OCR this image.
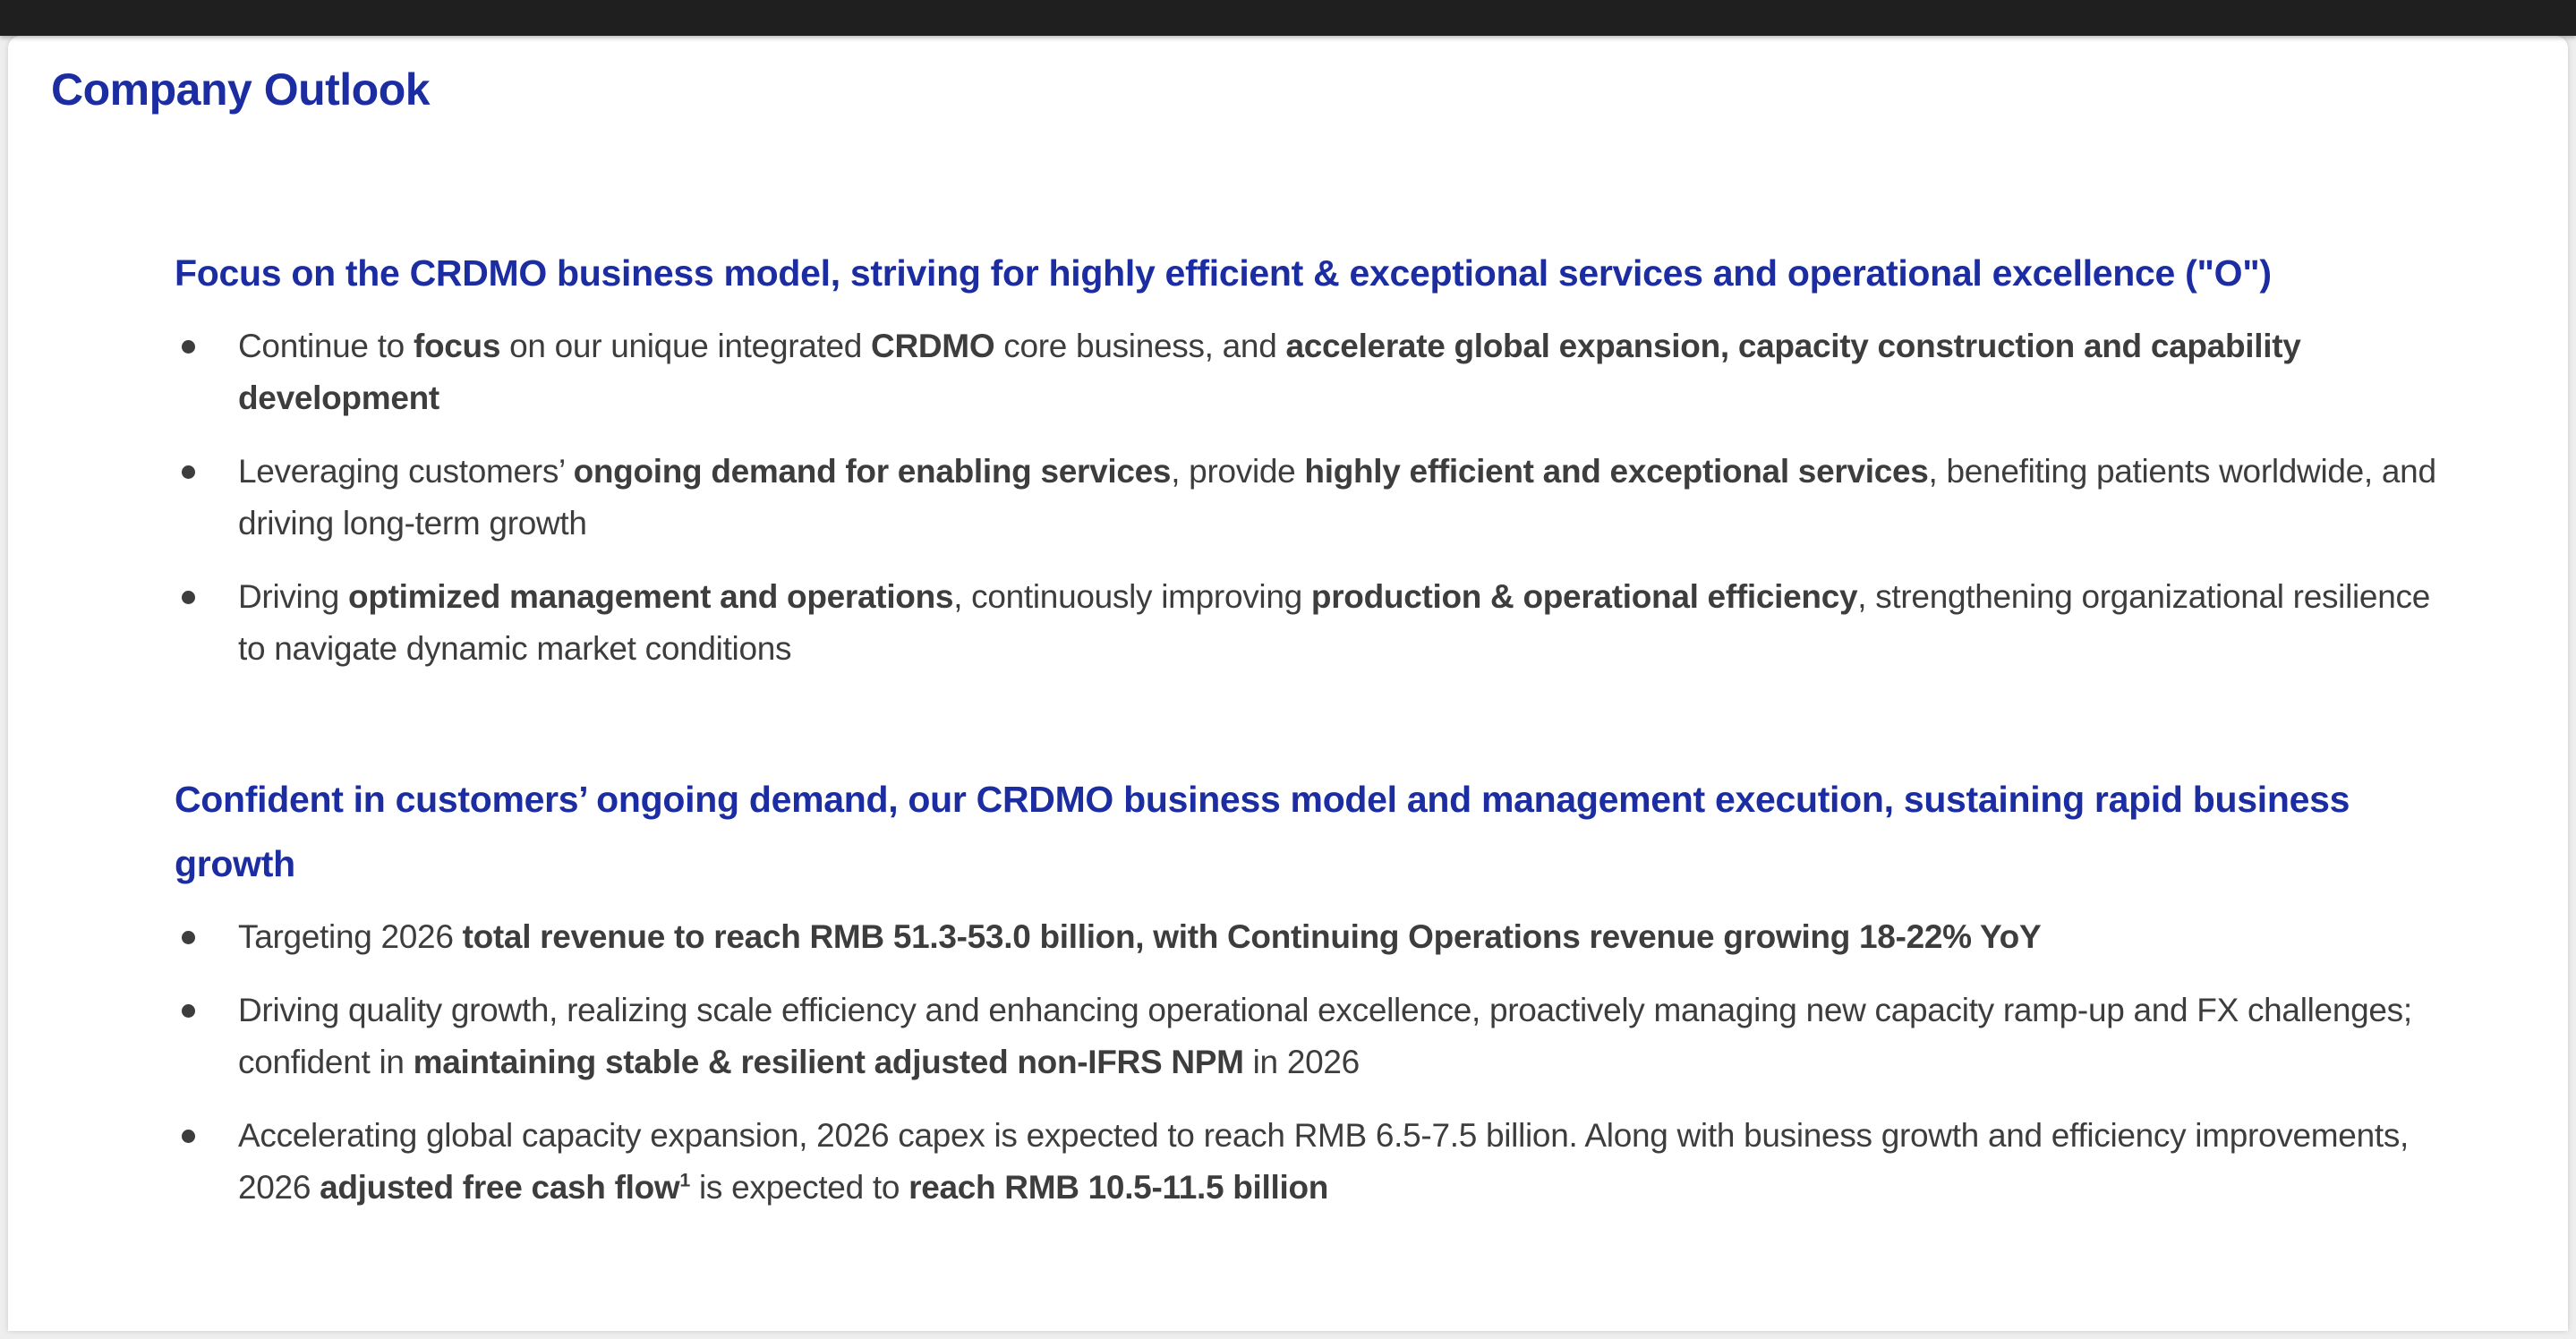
Company Outlook
Focus on the CRDMO business model, striving for highly efficient & exceptional services and operational excellence ("O")
Continue to focus on our unique integrated CRDMO core business, and accelerate global expansion, capacity construction and capability development
Leveraging customers’ ongoing demand for enabling services, provide highly efficient and exceptional services, benefiting patients worldwide, and driving long-term growth
Driving optimized management and operations, continuously improving production & operational efficiency, strengthening organizational resilience to navigate dynamic market conditions
Confident in customers’ ongoing demand, our CRDMO business model and management execution, sustaining rapid business growth
Targeting 2026 total revenue to reach RMB 51.3-53.0 billion, with Continuing Operations revenue growing 18-22% YoY
Driving quality growth, realizing scale efficiency and enhancing operational excellence, proactively managing new capacity ramp-up and FX challenges; confident in maintaining stable & resilient adjusted non-IFRS NPM in 2026
Accelerating global capacity expansion, 2026 capex is expected to reach RMB 6.5-7.5 billion. Along with business growth and efficiency improvements, 2026 adjusted free cash flow$^1$ is expected to reach RMB 10.5-11.5 billion
